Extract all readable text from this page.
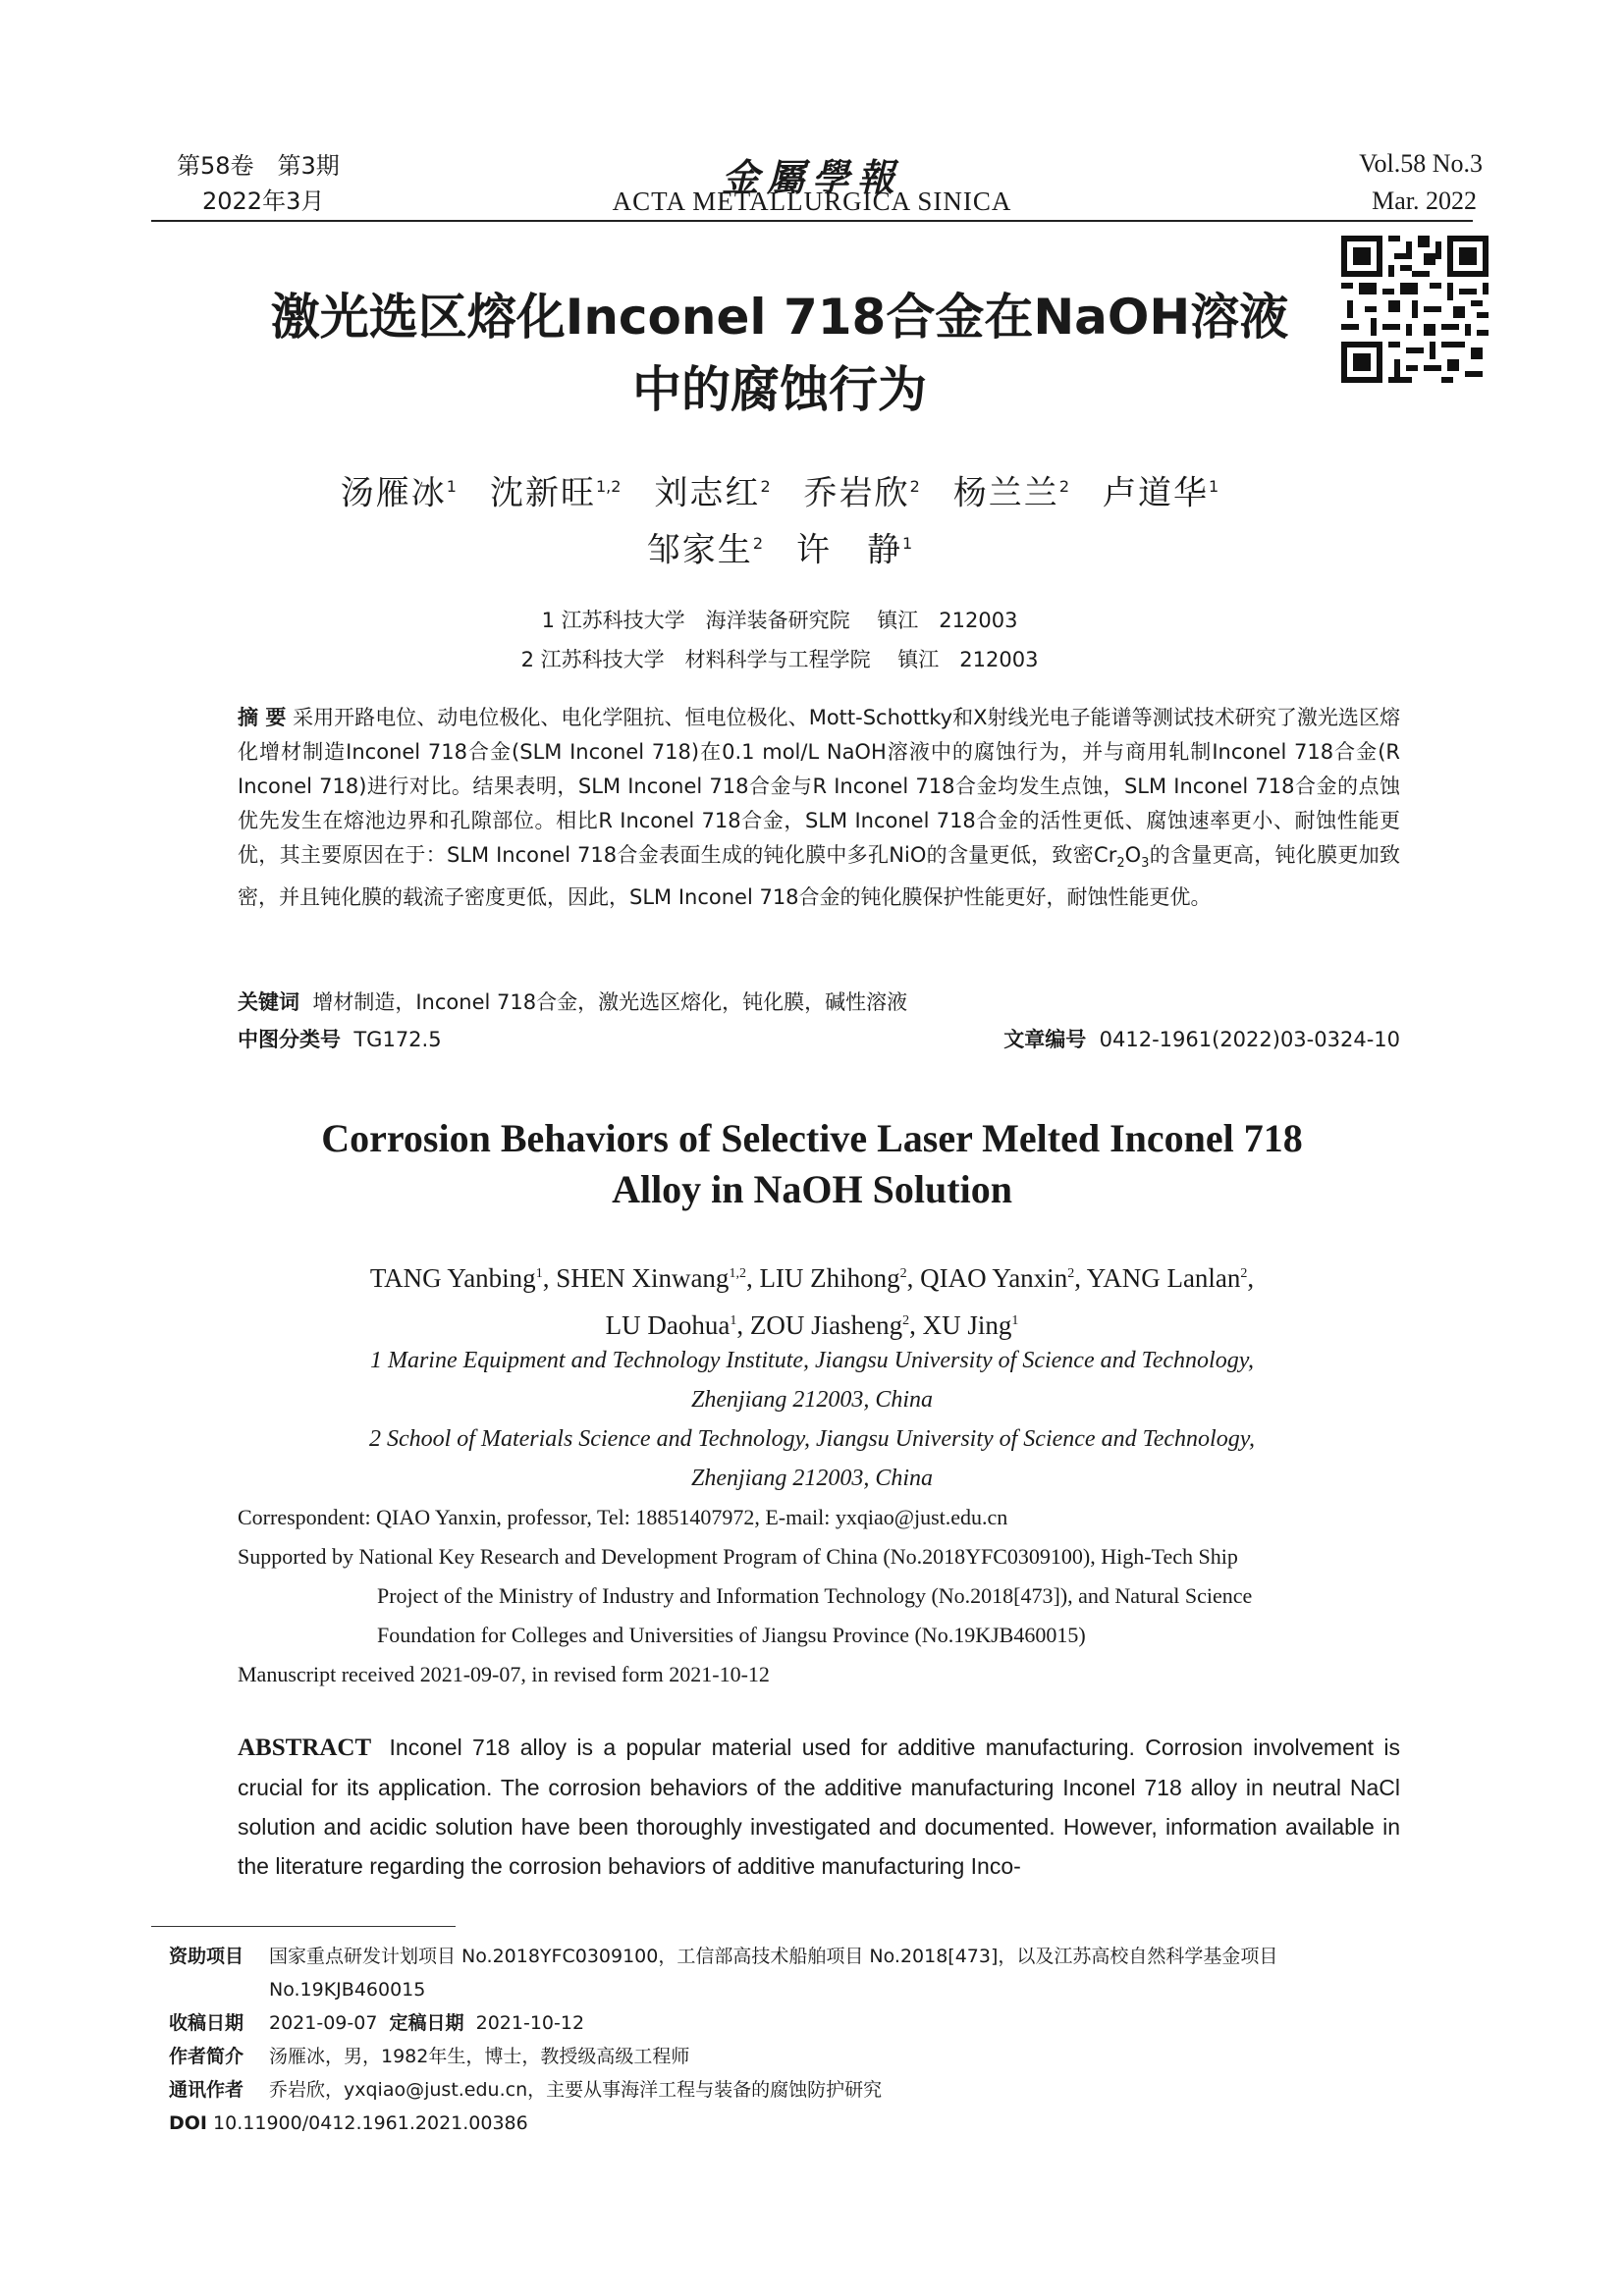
第58卷　第3期
2022年3月
金屬學報
ACTA METALLURGICA SINICA
Vol.58 No.3
Mar. 2022
激光选区熔化Inconel 718合金在NaOH溶液
中的腐蚀行为
汤雁冰$^1$ 沈新旺$^{1,2}$ 刘志红$^2$ 乔岩欣$^2$ 杨兰兰$^2$ 卢道华$^1$
邹家生$^2$ 许　静$^1$
1 江苏科技大学　海洋装备研究院　 镇江　212003
2 江苏科技大学　材料科学与工程学院　 镇江　212003
摘 要 采用开路电位、动电位极化、电化学阻抗、恒电位极化、Mott-Schottky和X射线光电子能谱等测试技术研究了激光选区熔化增材制造Inconel 718合金(SLM Inconel 718)在0.1 mol/L NaOH溶液中的腐蚀行为，并与商用轧制Inconel 718合金(R Inconel 718)进行对比。结果表明，SLM Inconel 718合金与R Inconel 718合金均发生点蚀，SLM Inconel 718合金的点蚀优先发生在熔池边界和孔隙部位。相比R Inconel 718合金，SLM Inconel 718合金的活性更低、腐蚀速率更小、耐蚀性能更优，其主要原因在于：SLM Inconel 718合金表面生成的钝化膜中多孔NiO的含量更低，致密$Cr_2O_3$的含量更高，钝化膜更加致密，并且钝化膜的载流子密度更低，因此，SLM Inconel 718合金的钝化膜保护性能更好，耐蚀性能更优。
关键词 增材制造，Inconel 718合金，激光选区熔化，钝化膜，碱性溶液
中图分类号 TG172.5	文章编号 0412-1961(2022)03-0324-10
Corrosion Behaviors of Selective Laser Melted Inconel 718
Alloy in NaOH Solution
TANG Yanbing$^1$, SHEN Xinwang$^{1,2}$, LIU Zhihong$^2$, QIAO Yanxin$^2$, YANG Lanlan$^2$,
LU Daohua$^1$, ZOU Jiasheng$^2$, XU Jing$^1$
1 Marine Equipment and Technology Institute, Jiangsu University of Science and Technology,
Zhenjiang 212003, China
2 School of Materials Science and Technology, Jiangsu University of Science and Technology,
Zhenjiang 212003, China
Correspondent: QIAO Yanxin, professor, Tel: 18851407972, E-mail: yxqiao@just.edu.cn
Supported by National Key Research and Development Program of China (No.2018YFC0309100), High-Tech Ship
Project of the Ministry of Industry and Information Technology (No.2018[473]), and Natural Science
Foundation for Colleges and Universities of Jiangsu Province (No.19KJB460015)
Manuscript received 2021-09-07, in revised form 2021-10-12
ABSTRACT Inconel 718 alloy is a popular material used for additive manufacturing. Corrosion involvement is crucial for its application. The corrosion behaviors of the additive manufacturing Inconel 718 alloy in neutral NaCl solution and acidic solution have been thoroughly investigated and documented. However, information available in the literature regarding the corrosion behaviors of additive manufacturing Inco-
资助项目	国家重点研发计划项目 No.2018YFC0309100，工信部高技术船舶项目 No.2018[473]，以及江苏高校自然科学基金项目
No.19KJB460015
收稿日期	2021-09-07 定稿日期 2021-10-12
作者简介	汤雁冰，男，1982年生，博士，教授级高级工程师
通讯作者	乔岩欣，yxqiao@just.edu.cn，主要从事海洋工程与装备的腐蚀防护研究
DOI 10.11900/0412.1961.2021.00386
